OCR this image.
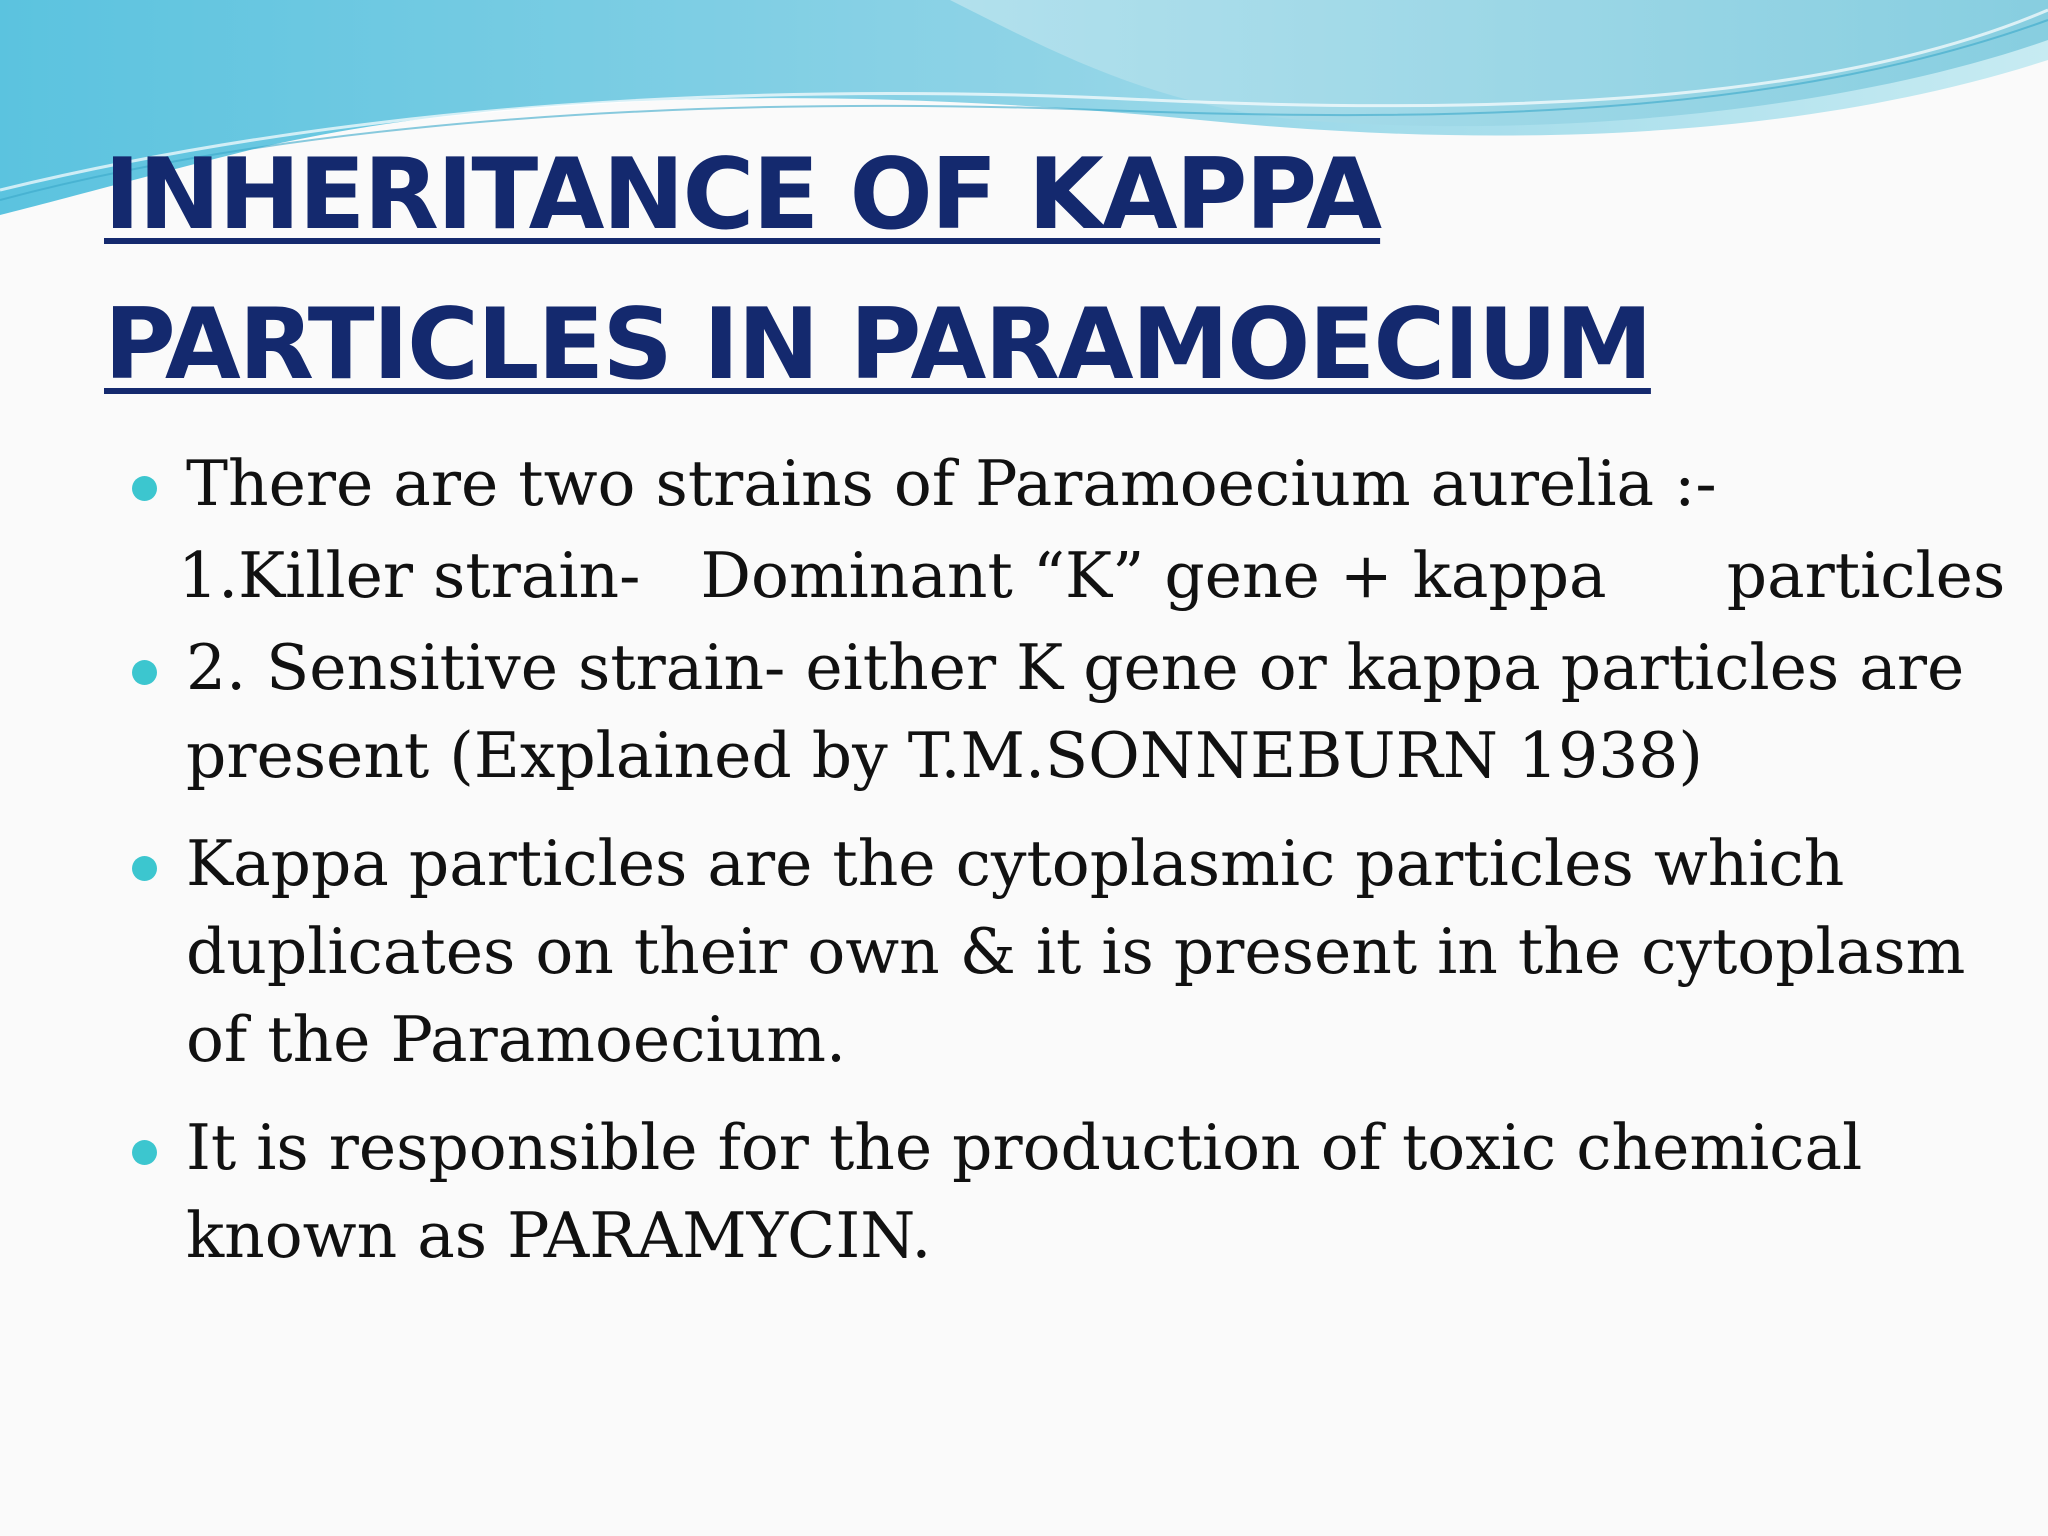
INHERITANCE OF KAPPA
PARTICLES IN PARAMOECIUM
There are two strains of Paramoecium aurelia :-
1.Killer strain-   Dominant “K” gene + kappa      particles
2. Sensitive strain- either K gene or kappa particles are present (Explained by T.M.SONNEBURN 1938)
Kappa particles are the cytoplasmic particles which duplicates on their own & it is present in the cytoplasm of the Paramoecium.
It is responsible for the production of toxic chemical known as PARAMYCIN.
